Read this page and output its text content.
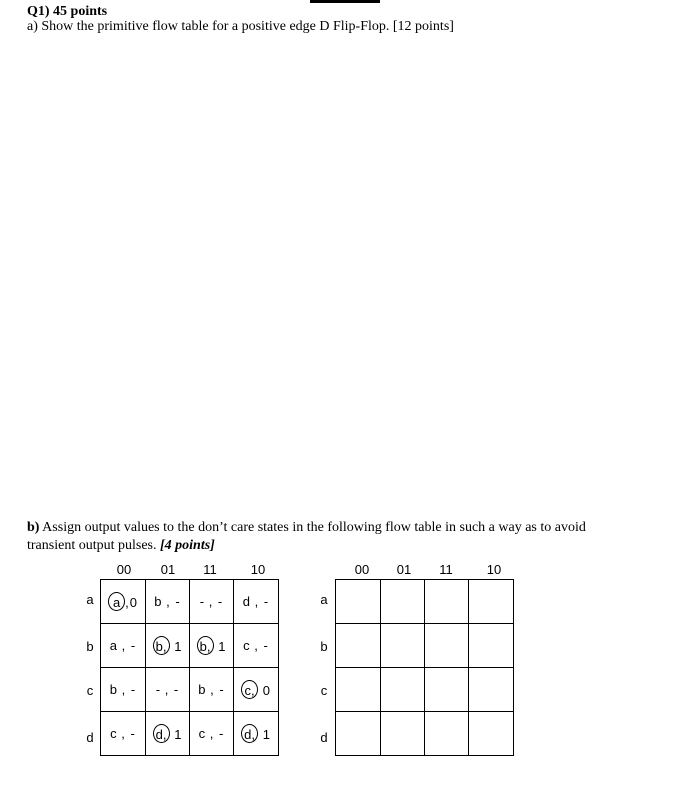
Q1) 45 points
a) Show the primitive flow table for a positive edge D Flip-Flop. [12 points]
b) Assign output values to the don’t care states in the following flow table in such a way as to avoid
transient output pulses. [4 points]
00	01	11	10
a
b
c
d
a ,0	b , -	- , -	d , -
a , -	b, 1	b, 1	c , -
b , -	- , -	b , -	c, 0
c , -	d, 1	c , -	d, 1
00	01	11	10
a
b
c
d
